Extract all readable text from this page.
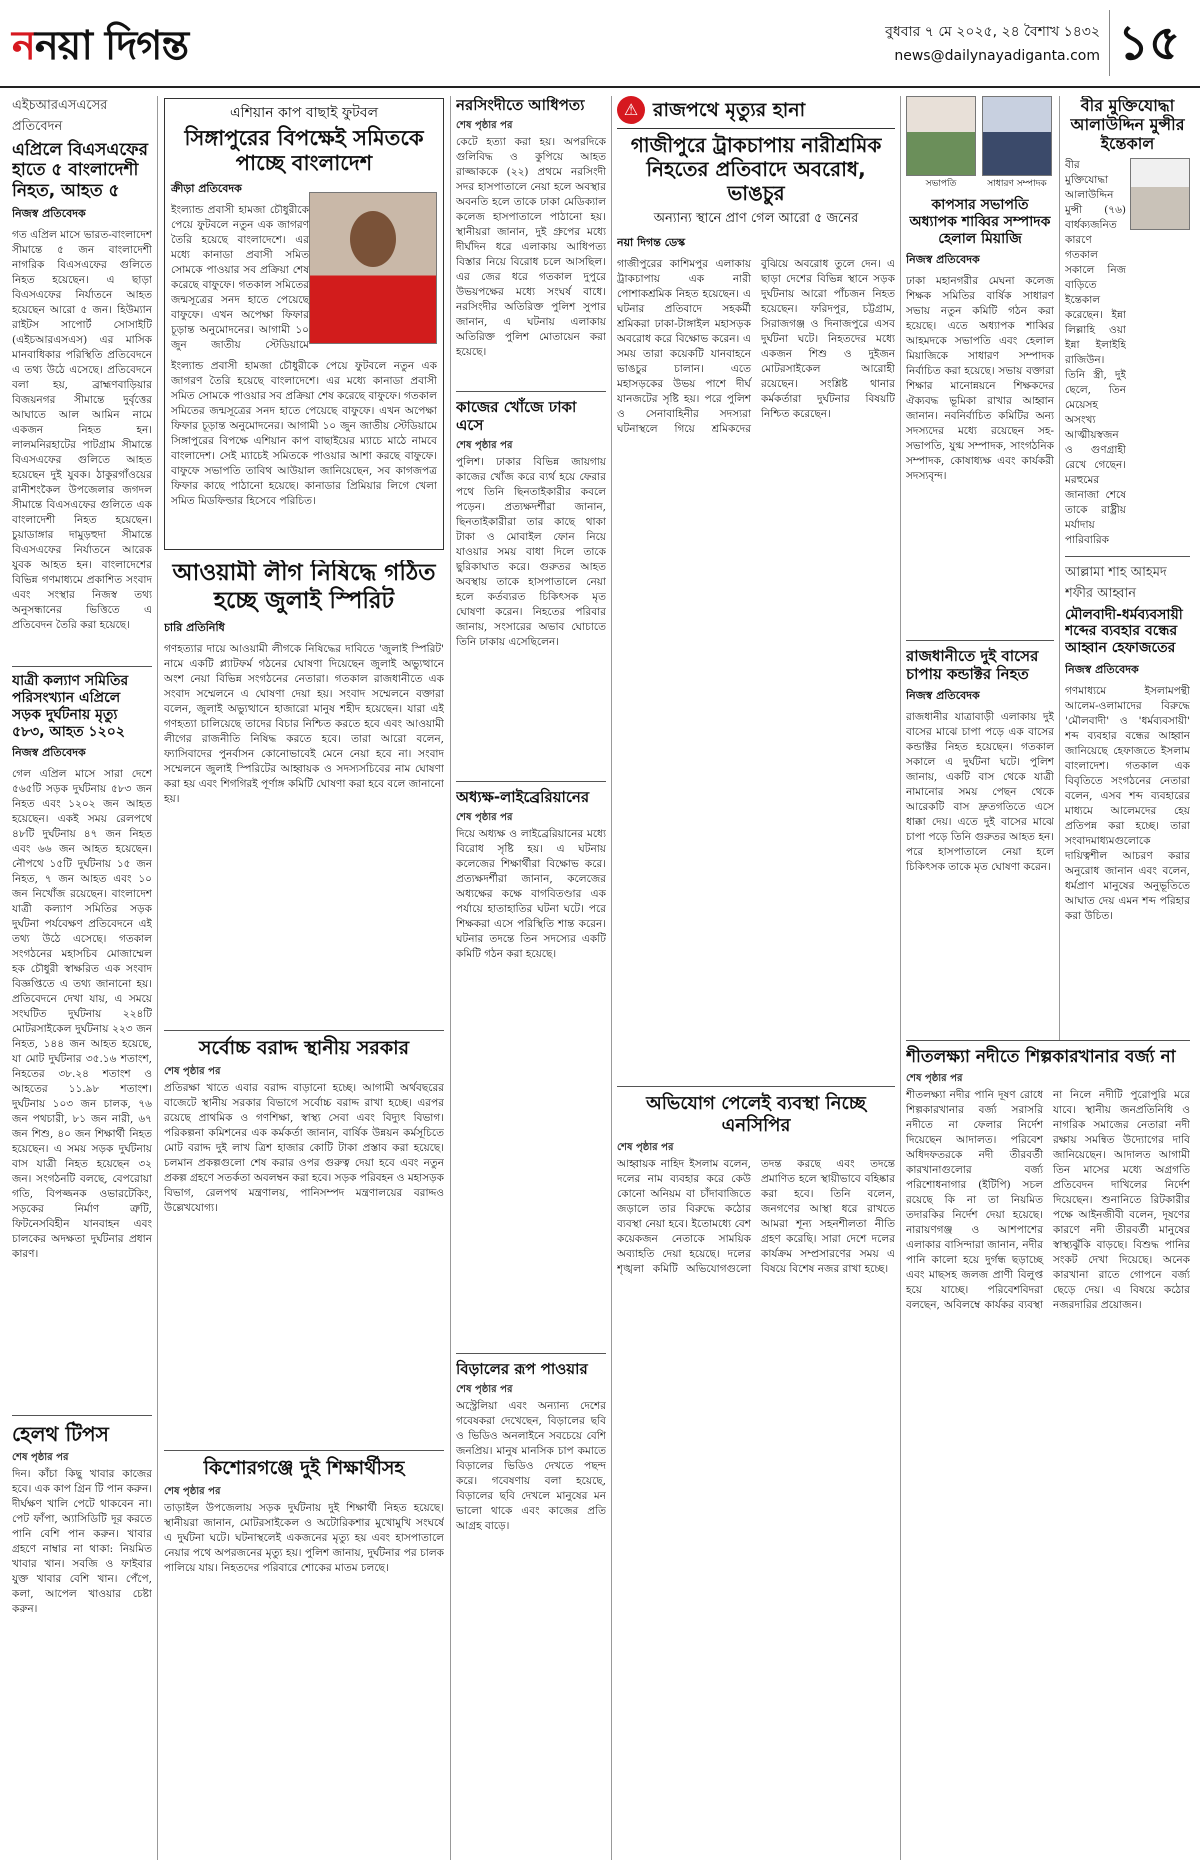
ননয়া দিগন্ত	বুধবার ৭ মে ২০২৫, ২৪ বৈশাখ ১৪৩২
news@dailynayadiganta.com ১৫
এইচআরএসএসের প্রতিবেদন
এপ্রিলে বিএসএফের হাতে ৫ বাংলাদেশী নিহত, আহত ৫
নিজস্ব প্রতিবেদক
গত এপ্রিল মাসে ভারত-বাংলাদেশ সীমান্তে ৫ জন বাংলাদেশী নাগরিক বিএসএফের গুলিতে নিহত হয়েছেন। এ ছাড়া বিএসএফের নির্যাতনে আহত হয়েছেন আরো ৫ জন। হিউম্যান রাইটস সাপোর্ট সোসাইটি (এইচআরএসএস) এর মাসিক মানবাধিকার পরিস্থিতি প্রতিবেদনে এ তথ্য উঠে এসেছে। প্রতিবেদনে বলা হয়, ব্রাহ্মণবাড়িয়ার বিজয়নগর সীমান্তে দুর্বৃত্তের আঘাতে আল আমিন নামে একজন নিহত হন। লালমনিরহাটের পাটগ্রাম সীমান্তে বিএসএফের গুলিতে আহত হয়েছেন দুই যুবক। ঠাকুরগাঁওয়ের রানীশংকৈল উপজেলার জগদল সীমান্তে বিএসএফের গুলিতে এক বাংলাদেশী নিহত হয়েছেন। চুয়াডাঙ্গার দামুড়হুদা সীমান্তে বিএসএফের নির্যাতনে আরেক যুবক আহত হন। বাংলাদেশের বিভিন্ন গণমাধ্যমে প্রকাশিত সংবাদ এবং সংস্থার নিজস্ব তথ্য অনুসন্ধানের ভিত্তিতে এ প্রতিবেদন তৈরি করা হয়েছে।
যাত্রী কল্যাণ সমিতির পরিসংখ্যান এপ্রিলে সড়ক দুর্ঘটনায় মৃত্যু ৫৮৩, আহত ১২০২
নিজস্ব প্রতিবেদক
গেল এপ্রিল মাসে সারা দেশে ৫৬৫টি সড়ক দুর্ঘটনায় ৫৮৩ জন নিহত এবং ১২০২ জন আহত হয়েছেন। একই সময় রেলপথে ৪৮টি দুর্ঘটনায় ৪৭ জন নিহত এবং ৬৬ জন আহত হয়েছেন। নৌপথে ১৫টি দুর্ঘটনায় ১৫ জন নিহত, ৭ জন আহত এবং ১০ জন নিখোঁজ রয়েছেন। বাংলাদেশ যাত্রী কল্যাণ সমিতির সড়ক দুর্ঘটনা পর্যবেক্ষণ প্রতিবেদনে এই তথ্য উঠে এসেছে। গতকাল সংগঠনের মহাসচিব মোজাম্মেল হক চৌধুরী স্বাক্ষরিত এক সংবাদ বিজ্ঞপ্তিতে এ তথ্য জানানো হয়। প্রতিবেদনে দেখা যায়, এ সময়ে সংঘটিত দুর্ঘটনায় ২২৪টি মোটরসাইকেল দুর্ঘটনায় ২২৩ জন নিহত, ১৪৪ জন আহত হয়েছে, যা মোট দুর্ঘটনার ৩৫.১৬ শতাংশ, নিহতের ৩৮.২৪ শতাংশ ও আহতের ১১.৯৮ শতাংশ। দুর্ঘটনায় ১০৩ জন চালক, ৭৬ জন পথচারী, ৮১ জন নারী, ৬৭ জন শিশু, ৪০ জন শিক্ষার্থী নিহত হয়েছেন। এ সময় সড়ক দুর্ঘটনায় বাস যাত্রী নিহত হয়েছেন ৩২ জন। সংগঠনটি বলছে, বেপরোয়া গতি, বিপজ্জনক ওভারটেকিং, সড়কের নির্মাণ ত্রুটি, ফিটনেসবিহীন যানবাহন এবং চালকের অদক্ষতা দুর্ঘটনার প্রধান কারণ।
হেলথ টিপস
শেষ পৃষ্ঠার পর
দিন। কাঁচা কিছু খাবার কাজের হবে। এক কাপ গ্রিন টি পান করুন। দীর্ঘক্ষণ খালি পেটে থাকবেন না। পেট ফাঁপা, অ্যাসিডিটি দূর করতে পানি বেশি পান করুন। খাবার গ্রহণে নাম্বার না থাকা: নিয়মিত খাবার খান। সবজি ও ফাইবার যুক্ত খাবার বেশি খান। পেঁপে, কলা, আপেল খাওয়ার চেষ্টা করুন।
এশিয়ান কাপ বাছাই ফুটবল
সিঙ্গাপুরের বিপক্ষেই সমিতকে পাচ্ছে বাংলাদেশ
ক্রীড়া প্রতিবেদক
ইংল্যান্ড প্রবাসী হামজা চৌধুরীকে পেয়ে ফুটবলে নতুন এক জাগরণ তৈরি হয়েছে বাংলাদেশে। এর মধ্যে কানাডা প্রবাসী সমিত সোমকে পাওয়ার সব প্রক্রিয়া শেষ করেছে বাফুফে। গতকাল সমিতের জন্মসূত্রের সনদ হাতে পেয়েছে বাফুফে। এখন অপেক্ষা ফিফার চূড়ান্ত অনুমোদনের। আগামী ১০ জুন জাতীয় স্টেডিয়ামে
ইংল্যান্ড প্রবাসী হামজা চৌধুরীকে পেয়ে ফুটবলে নতুন এক জাগরণ তৈরি হয়েছে বাংলাদেশে। এর মধ্যে কানাডা প্রবাসী সমিত সোমকে পাওয়ার সব প্রক্রিয়া শেষ করেছে বাফুফে। গতকাল সমিতের জন্মসূত্রের সনদ হাতে পেয়েছে বাফুফে। এখন অপেক্ষা ফিফার চূড়ান্ত অনুমোদনের। আগামী ১০ জুন জাতীয় স্টেডিয়ামে সিঙ্গাপুরের বিপক্ষে এশিয়ান কাপ বাছাইয়ের ম্যাচে মাঠে নামবে বাংলাদেশ। সেই ম্যাচেই সমিতকে পাওয়ার আশা করছে বাফুফে। বাফুফে সভাপতি তাবিথ আউয়াল জানিয়েছেন, সব কাগজপত্র ফিফার কাছে পাঠানো হয়েছে। কানাডার প্রিমিয়ার লিগে খেলা সমিত মিডফিল্ডার হিসেবে পরিচিত।
আওয়ামী লীগ নিষিদ্ধে গঠিত হচ্ছে জুলাই স্পিরিট
চারি প্রতিনিধি
গণহত্যার দায়ে আওয়ামী লীগকে নিষিদ্ধের দাবিতে 'জুলাই স্পিরিট' নামে একটি প্ল্যাটফর্ম গঠনের ঘোষণা দিয়েছেন জুলাই অভ্যুত্থানে অংশ নেয়া বিভিন্ন সংগঠনের নেতারা। গতকাল রাজধানীতে এক সংবাদ সম্মেলনে এ ঘোষণা দেয়া হয়। সংবাদ সম্মেলনে বক্তারা বলেন, জুলাই অভ্যুত্থানে হাজারো মানুষ শহীদ হয়েছেন। যারা এই গণহত্যা চালিয়েছে তাদের বিচার নিশ্চিত করতে হবে এবং আওয়ামী লীগের রাজনীতি নিষিদ্ধ করতে হবে। তারা আরো বলেন, ফ্যাসিবাদের পুনর্বাসন কোনোভাবেই মেনে নেয়া হবে না। সংবাদ সম্মেলনে জুলাই স্পিরিটের আহ্বায়ক ও সদস্যসচিবের নাম ঘোষণা করা হয় এবং শিগগিরই পূর্ণাঙ্গ কমিটি ঘোষণা করা হবে বলে জানানো হয়।
সর্বোচ্চ বরাদ্দ স্থানীয় সরকার
শেষ পৃষ্ঠার পর
প্রতিরক্ষা খাতে এবার বরাদ্দ বাড়ানো হচ্ছে। আগামী অর্থবছরের বাজেটে স্থানীয় সরকার বিভাগে সর্বোচ্চ বরাদ্দ রাখা হচ্ছে। এরপর রয়েছে প্রাথমিক ও গণশিক্ষা, স্বাস্থ্য সেবা এবং বিদ্যুৎ বিভাগ। পরিকল্পনা কমিশনের এক কর্মকর্তা জানান, বার্ষিক উন্নয়ন কর্মসূচিতে মোট বরাদ্দ দুই লাখ ত্রিশ হাজার কোটি টাকা প্রস্তাব করা হয়েছে। চলমান প্রকল্পগুলো শেষ করার ওপর গুরুত্ব দেয়া হবে এবং নতুন প্রকল্প গ্রহণে সতর্কতা অবলম্বন করা হবে। সড়ক পরিবহন ও মহাসড়ক বিভাগ, রেলপথ মন্ত্রণালয়, পানিসম্পদ মন্ত্রণালয়ের বরাদ্দও উল্লেখযোগ্য।
কিশোরগঞ্জে দুই শিক্ষার্থীসহ
শেষ পৃষ্ঠার পর
তাড়াইল উপজেলায় সড়ক দুর্ঘটনায় দুই শিক্ষার্থী নিহত হয়েছে। স্থানীয়রা জানান, মোটরসাইকেল ও অটোরিকশার মুখোমুখি সংঘর্ষে এ দুর্ঘটনা ঘটে। ঘটনাস্থলেই একজনের মৃত্যু হয় এবং হাসপাতালে নেয়ার পথে অপরজনের মৃত্যু হয়। পুলিশ জানায়, দুর্ঘটনার পর চালক পালিয়ে যায়। নিহতদের পরিবারে শোকের মাতম চলছে।
নরসিংদীতে আধিপত্য
শেষ পৃষ্ঠার পর
কেটে হত্যা করা হয়। অপরদিকে গুলিবিদ্ধ ও কুপিয়ে আহত রাজ্জাককে (২২) প্রথমে নরসিংদী সদর হাসপাতালে নেয়া হলে অবস্থার অবনতি হলে তাকে ঢাকা মেডিক্যাল কলেজ হাসপাতালে পাঠানো হয়। স্থানীয়রা জানান, দুই গ্রুপের মধ্যে দীর্ঘদিন ধরে এলাকায় আধিপত্য বিস্তার নিয়ে বিরোধ চলে আসছিল। এর জের ধরে গতকাল দুপুরে উভয়পক্ষের মধ্যে সংঘর্ষ বাধে। নরসিংদীর অতিরিক্ত পুলিশ সুপার জানান, এ ঘটনায় এলাকায় অতিরিক্ত পুলিশ মোতায়েন করা হয়েছে।
কাজের খোঁজে ঢাকা এসে
শেষ পৃষ্ঠার পর
পুলিশ। ঢাকার বিভিন্ন জায়গায় কাজের খোঁজ করে ব্যর্থ হয়ে ফেরার পথে তিনি ছিনতাইকারীর কবলে পড়েন। প্রত্যক্ষদর্শীরা জানান, ছিনতাইকারীরা তার কাছে থাকা টাকা ও মোবাইল ফোন নিয়ে যাওয়ার সময় বাধা দিলে তাকে ছুরিকাঘাত করে। গুরুতর আহত অবস্থায় তাকে হাসপাতালে নেয়া হলে কর্তব্যরত চিকিৎসক মৃত ঘোষণা করেন। নিহতের পরিবার জানায়, সংসারের অভাব ঘোচাতে তিনি ঢাকায় এসেছিলেন।
অধ্যক্ষ-লাইব্রেরিয়ানের
শেষ পৃষ্ঠার পর
দিয়ে অধ্যক্ষ ও লাইব্রেরিয়ানের মধ্যে বিরোধ সৃষ্টি হয়। এ ঘটনায় কলেজের শিক্ষার্থীরা বিক্ষোভ করে। প্রত্যক্ষদর্শীরা জানান, কলেজের অধ্যক্ষের কক্ষে বাগবিতণ্ডার এক পর্যায়ে হাতাহাতির ঘটনা ঘটে। পরে শিক্ষকরা এসে পরিস্থিতি শান্ত করেন। ঘটনার তদন্তে তিন সদস্যের একটি কমিটি গঠন করা হয়েছে।
বিড়ালের রূপ পাওয়ার
শেষ পৃষ্ঠার পর
অস্ট্রেলিয়া এবং অন্যান্য দেশের গবেষকরা দেখেছেন, বিড়ালের ছবি ও ভিডিও অনলাইনে সবচেয়ে বেশি জনপ্রিয়। মানুষ মানসিক চাপ কমাতে বিড়ালের ভিডিও দেখতে পছন্দ করে। গবেষণায় বলা হয়েছে, বিড়ালের ছবি দেখলে মানুষের মন ভালো থাকে এবং কাজের প্রতি আগ্রহ বাড়ে।
⚠ রাজপথে মৃত্যুর হানা
গাজীপুরে ট্রাকচাপায় নারীশ্রমিক নিহতের প্রতিবাদে অবরোধ, ভাঙচুর
অন্যান্য স্থানে প্রাণ গেল আরো ৫ জনের
নয়া দিগন্ত ডেস্ক
গাজীপুরের কাশিমপুর এলাকায় ট্রাকচাপায় এক নারী পোশাকশ্রমিক নিহত হয়েছেন। এ ঘটনার প্রতিবাদে সহকর্মী শ্রমিকরা ঢাকা-টাঙ্গাইল মহাসড়ক অবরোধ করে বিক্ষোভ করেন। এ সময় তারা কয়েকটি যানবাহনে ভাঙচুর চালান। এতে মহাসড়কের উভয় পাশে দীর্ঘ যানজটের সৃষ্টি হয়। পরে পুলিশ ও সেনাবাহিনীর সদস্যরা ঘটনাস্থলে গিয়ে শ্রমিকদের বুঝিয়ে অবরোধ তুলে দেন। এ ছাড়া দেশের বিভিন্ন স্থানে সড়ক দুর্ঘটনায় আরো পাঁচজন নিহত হয়েছেন। ফরিদপুর, চট্টগ্রাম, সিরাজগঞ্জ ও দিনাজপুরে এসব দুর্ঘটনা ঘটে। নিহতদের মধ্যে একজন শিশু ও দুইজন মোটরসাইকেল আরোহী রয়েছেন। সংশ্লিষ্ট থানার কর্মকর্তারা দুর্ঘটনার বিষয়টি নিশ্চিত করেছেন।
অভিযোগ পেলেই ব্যবস্থা নিচ্ছে এনসিপির
শেষ পৃষ্ঠার পর
আহ্বায়ক নাহিদ ইসলাম বলেন, দলের নাম ব্যবহার করে কেউ কোনো অনিয়ম বা চাঁদাবাজিতে জড়ালে তার বিরুদ্ধে কঠোর ব্যবস্থা নেয়া হবে। ইতোমধ্যে বেশ কয়েকজন নেতাকে সাময়িক অব্যাহতি দেয়া হয়েছে। দলের শৃঙ্খলা কমিটি অভিযোগগুলো তদন্ত করছে এবং তদন্তে প্রমাণিত হলে স্থায়ীভাবে বহিষ্কার করা হবে। তিনি বলেন, জনগণের আস্থা ধরে রাখতে আমরা শূন্য সহনশীলতা নীতি গ্রহণ করেছি। সারা দেশে দলের কার্যক্রম সম্প্রসারণের সময় এ বিষয়ে বিশেষ নজর রাখা হচ্ছে।
সভাপতি	সাধারণ সম্পাদক
কাপসার সভাপতি অধ্যাপক শাব্বির সম্পাদক হেলাল মিয়াজি
নিজস্ব প্রতিবেদক
ঢাকা মহানগরীর মেঘনা কলেজ শিক্ষক সমিতির বার্ষিক সাধারণ সভায় নতুন কমিটি গঠন করা হয়েছে। এতে অধ্যাপক শাব্বির আহমদকে সভাপতি এবং হেলাল মিয়াজিকে সাধারণ সম্পাদক নির্বাচিত করা হয়েছে। সভায় বক্তারা শিক্ষার মানোন্নয়নে শিক্ষকদের ঐক্যবদ্ধ ভূমিকা রাখার আহ্বান জানান। নবনির্বাচিত কমিটির অন্য সদস্যদের মধ্যে রয়েছেন সহ-সভাপতি, যুগ্ম সম্পাদক, সাংগঠনিক সম্পাদক, কোষাধ্যক্ষ এবং কার্যকরী সদস্যবৃন্দ।
রাজধানীতে দুই বাসের চাপায় কন্ডাক্টর নিহত
নিজস্ব প্রতিবেদক
রাজধানীর যাত্রাবাড়ী এলাকায় দুই বাসের মাঝে চাপা পড়ে এক বাসের কন্ডাক্টর নিহত হয়েছেন। গতকাল সকালে এ দুর্ঘটনা ঘটে। পুলিশ জানায়, একটি বাস থেকে যাত্রী নামানোর সময় পেছন থেকে আরেকটি বাস দ্রুতগতিতে এসে ধাক্কা দেয়। এতে দুই বাসের মাঝে চাপা পড়ে তিনি গুরুতর আহত হন। পরে হাসপাতালে নেয়া হলে চিকিৎসক তাকে মৃত ঘোষণা করেন।
বীর মুক্তিযোদ্ধা আলাউদ্দিন মুন্সীর ইন্তেকাল
বীর মুক্তিযোদ্ধা আলাউদ্দিন মুন্সী (৭৬) বার্ধক্যজনিত কারণে গতকাল সকালে নিজ বাড়িতে ইন্তেকাল করেছেন। ইন্না লিল্লাহি ওয়া ইন্না ইলাইহি রাজিউন। তিনি স্ত্রী, দুই ছেলে, তিন মেয়েসহ অসংখ্য আত্মীয়স্বজন ও গুণগ্রাহী রেখে গেছেন। মরহুমের জানাজা শেষে তাকে রাষ্ট্রীয় মর্যাদায় পারিবারিক
আল্লামা শাহ আহমদ শফীর আহ্বান
মৌলবাদী-ধর্মব্যবসায়ী শব্দের ব্যবহার বন্ধের আহ্বান হেফাজতের
নিজস্ব প্রতিবেদক
গণমাধ্যমে ইসলামপন্থী আলেম-ওলামাদের বিরুদ্ধে 'মৌলবাদী' ও 'ধর্মব্যবসায়ী' শব্দ ব্যবহার বন্ধের আহ্বান জানিয়েছে হেফাজতে ইসলাম বাংলাদেশ। গতকাল এক বিবৃতিতে সংগঠনের নেতারা বলেন, এসব শব্দ ব্যবহারের মাধ্যমে আলেমদের হেয় প্রতিপন্ন করা হচ্ছে। তারা সংবাদমাধ্যমগুলোকে দায়িত্বশীল আচরণ করার অনুরোধ জানান এবং বলেন, ধর্মপ্রাণ মানুষের অনুভূতিতে আঘাত দেয় এমন শব্দ পরিহার করা উচিত।
শীতলক্ষ্যা নদীতে শিল্পকারখানার বর্জ্য না
শেষ পৃষ্ঠার পর
শীতলক্ষ্যা নদীর পানি দূষণ রোধে শিল্পকারখানার বর্জ্য সরাসরি নদীতে না ফেলার নির্দেশ দিয়েছেন আদালত। পরিবেশ অধিদফতরকে নদী তীরবর্তী কারখানাগুলোর বর্জ্য পরিশোধনাগার (ইটিপি) সচল রয়েছে কি না তা নিয়মিত তদারকির নির্দেশ দেয়া হয়েছে। নারায়ণগঞ্জ ও আশপাশের এলাকার বাসিন্দারা জানান, নদীর পানি কালো হয়ে দুর্গন্ধ ছড়াচ্ছে এবং মাছসহ জলজ প্রাণী বিলুপ্ত হয়ে যাচ্ছে। পরিবেশবিদরা বলছেন, অবিলম্বে কার্যকর ব্যবস্থা না নিলে নদীটি পুরোপুরি মরে যাবে। স্থানীয় জনপ্রতিনিধি ও নাগরিক সমাজের নেতারা নদী রক্ষায় সমন্বিত উদ্যোগের দাবি জানিয়েছেন। আদালত আগামী তিন মাসের মধ্যে অগ্রগতি প্রতিবেদন দাখিলের নির্দেশ দিয়েছেন। শুনানিতে রিটকারীর পক্ষে আইনজীবী বলেন, দূষণের কারণে নদী তীরবর্তী মানুষের স্বাস্থ্যঝুঁকি বাড়ছে। বিশুদ্ধ পানির সংকট দেখা দিয়েছে। অনেক কারখানা রাতে গোপনে বর্জ্য ছেড়ে দেয়। এ বিষয়ে কঠোর নজরদারির প্রয়োজন।
